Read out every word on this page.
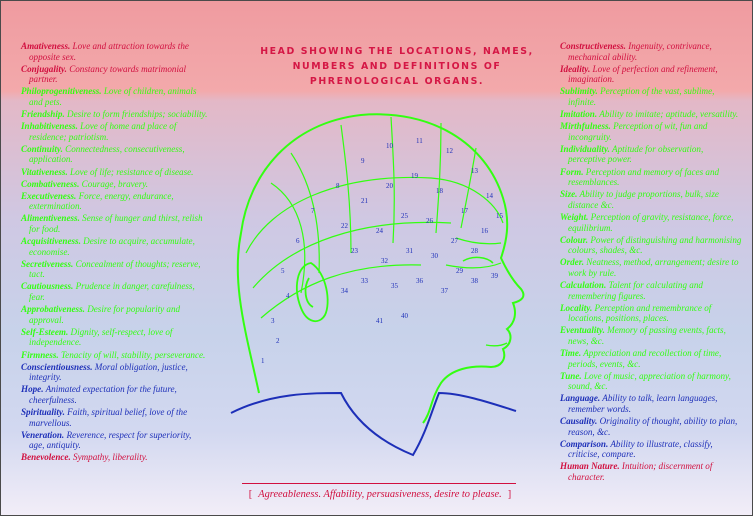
HEAD SHOWING THE LOCATIONS, NAMES,
NUMBERS AND DEFINITIONS OF
PHRENOLOGICAL ORGANS.
Amativeness. Love and attraction towards the opposite sex.
Conjugality. Constancy towards matrimonial partner.
Philoprogenitiveness. Love of children, animals and pets.
Friendship. Desire to form friendships; sociability.
Inhabitiveness. Love of home and place of residence; patriotism.
Continuity. Connectedness, consecutiveness, application.
Vitativeness. Love of life; resistance of disease.
Combativeness. Courage, bravery.
Executiveness. Force, energy, endurance, extermination.
Alimentiveness. Sense of hunger and thirst, relish for food.
Acquisitiveness. Desire to acquire, accumulate, economise.
Secretiveness. Concealment of thoughts; reserve, tact.
Cautiousness. Prudence in danger, carefulness, fear.
Approbativeness. Desire for popularity and approval.
Self-Esteem. Dignity, self-respect, love of independence.
Firmness. Tenacity of will, stability, perseverance.
Conscientiousness. Moral obligation, justice, integrity.
Hope. Animated expectation for the future, cheerfulness.
Spirituality. Faith, spiritual belief, love of the marvellous.
Veneration. Reverence, respect for superiority, age, antiquity.
Benevolence. Sympathy, liberality.
Constructiveness. Ingenuity, contrivance, mechanical ability.
Ideality. Love of perfection and refinement, imagination.
Sublimity. Perception of the vast, sublime, infinite.
Imitation. Ability to imitate; aptitude, versatility.
Mirthfulness. Perception of wit, fun and incongruity.
Individuality. Aptitude for observation, perceptive power.
Form. Perception and memory of faces and resemblances.
Size. Ability to judge proportions, bulk, size distance &c.
Weight. Perception of gravity, resistance, force, equilibrium.
Colour. Power of distinguishing and harmonising colours, shades, &c.
Order. Neatness, method, arrangement; desire to work by rule.
Calculation. Talent for calculating and remembering figures.
Locality. Perception and remembrance of locations, positions, places.
Eventuality. Memory of passing events, facts, news, &c.
Time. Appreciation and recollection of time, periods, events, &c.
Tune. Love of music, appreciation of harmony, sound, &c.
Language. Ability to talk, learn languages, remember words.
Causality. Originality of thought, ability to plan, reason, &c.
Comparison. Ability to illustrate, classify, criticise, compare.
Human Nature. Intuition; discernment of character.
1
2
3
4
5
6
7
8
9
10
11
12
13
14
15
16
17
18
19
20
21
22
23
24
25
26
27
28
29
30
31
32
33
34
35
36
37
38
39
40
41
[ Agreeableness. Affability, persuasiveness, desire to please. ]
